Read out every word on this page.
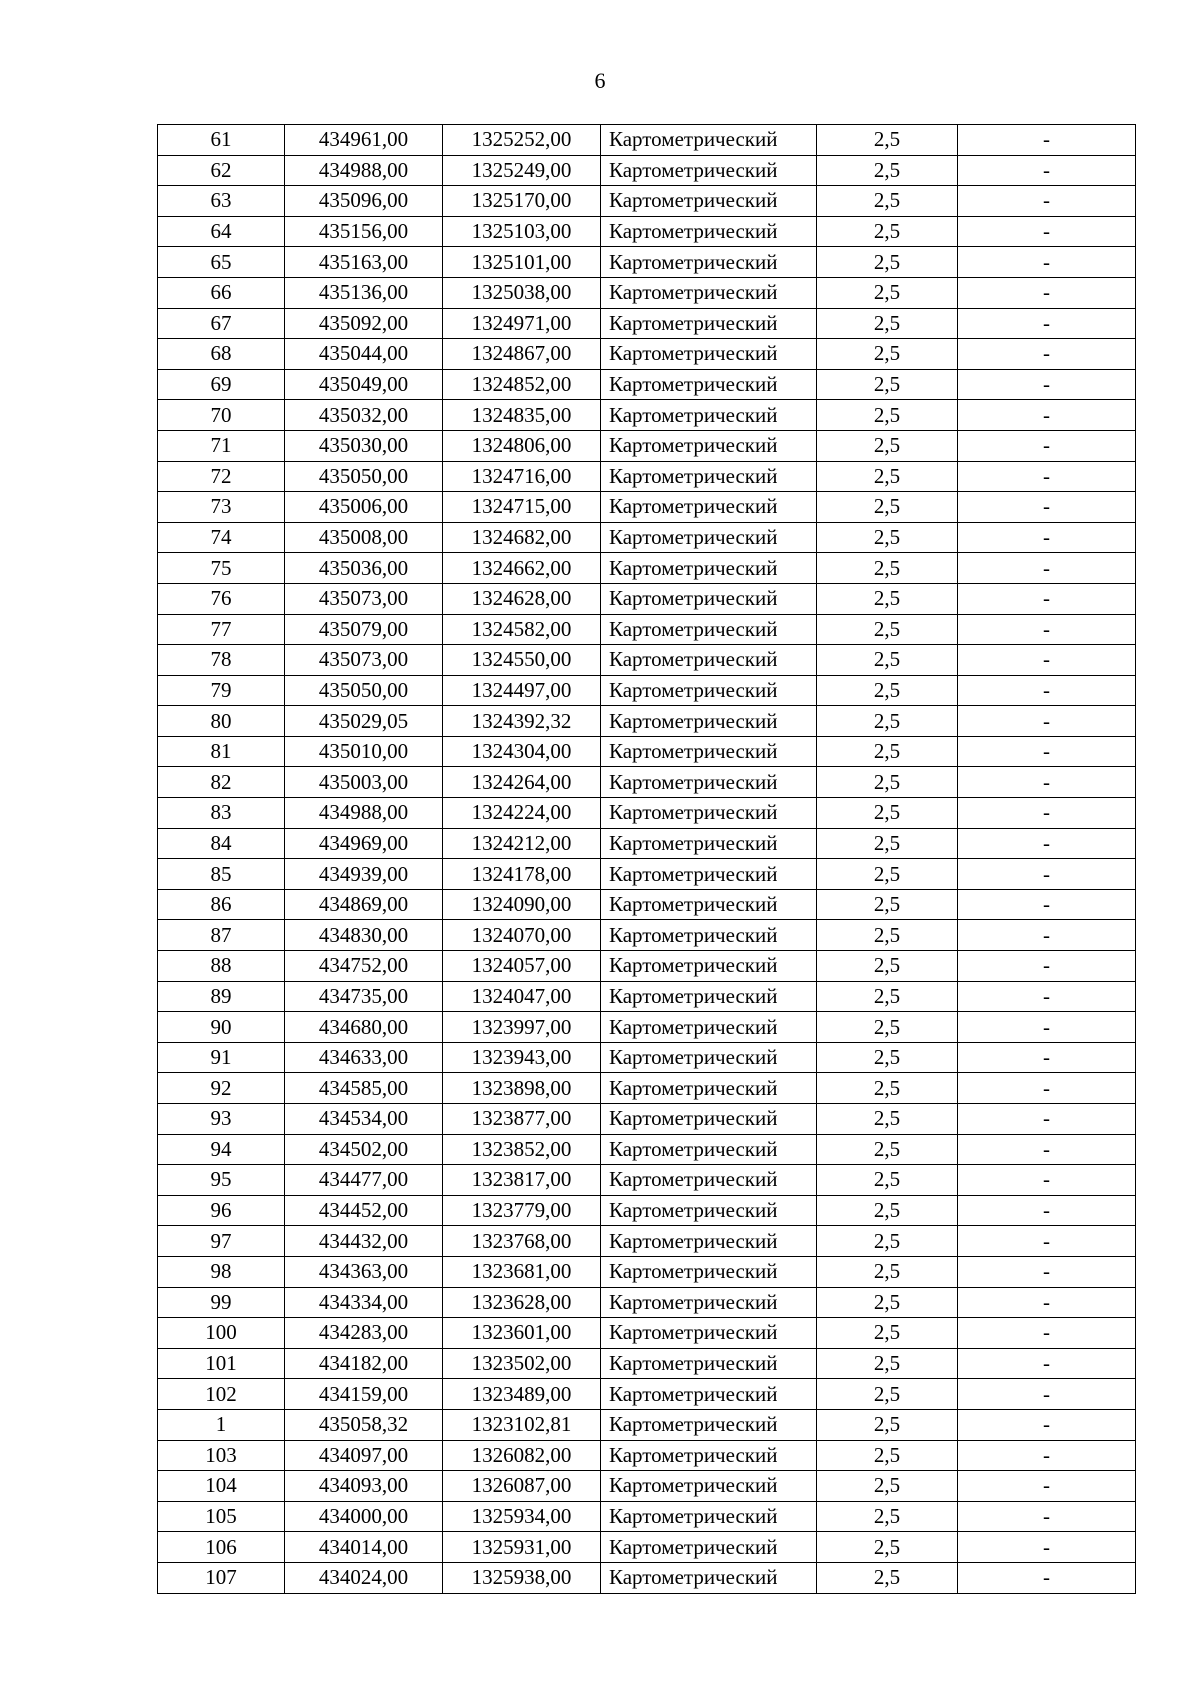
6
61	434961,00	1325252,00	Картометрический	2,5	-
62	434988,00	1325249,00	Картометрический	2,5	-
63	435096,00	1325170,00	Картометрический	2,5	-
64	435156,00	1325103,00	Картометрический	2,5	-
65	435163,00	1325101,00	Картометрический	2,5	-
66	435136,00	1325038,00	Картометрический	2,5	-
67	435092,00	1324971,00	Картометрический	2,5	-
68	435044,00	1324867,00	Картометрический	2,5	-
69	435049,00	1324852,00	Картометрический	2,5	-
70	435032,00	1324835,00	Картометрический	2,5	-
71	435030,00	1324806,00	Картометрический	2,5	-
72	435050,00	1324716,00	Картометрический	2,5	-
73	435006,00	1324715,00	Картометрический	2,5	-
74	435008,00	1324682,00	Картометрический	2,5	-
75	435036,00	1324662,00	Картометрический	2,5	-
76	435073,00	1324628,00	Картометрический	2,5	-
77	435079,00	1324582,00	Картометрический	2,5	-
78	435073,00	1324550,00	Картометрический	2,5	-
79	435050,00	1324497,00	Картометрический	2,5	-
80	435029,05	1324392,32	Картометрический	2,5	-
81	435010,00	1324304,00	Картометрический	2,5	-
82	435003,00	1324264,00	Картометрический	2,5	-
83	434988,00	1324224,00	Картометрический	2,5	-
84	434969,00	1324212,00	Картометрический	2,5	-
85	434939,00	1324178,00	Картометрический	2,5	-
86	434869,00	1324090,00	Картометрический	2,5	-
87	434830,00	1324070,00	Картометрический	2,5	-
88	434752,00	1324057,00	Картометрический	2,5	-
89	434735,00	1324047,00	Картометрический	2,5	-
90	434680,00	1323997,00	Картометрический	2,5	-
91	434633,00	1323943,00	Картометрический	2,5	-
92	434585,00	1323898,00	Картометрический	2,5	-
93	434534,00	1323877,00	Картометрический	2,5	-
94	434502,00	1323852,00	Картометрический	2,5	-
95	434477,00	1323817,00	Картометрический	2,5	-
96	434452,00	1323779,00	Картометрический	2,5	-
97	434432,00	1323768,00	Картометрический	2,5	-
98	434363,00	1323681,00	Картометрический	2,5	-
99	434334,00	1323628,00	Картометрический	2,5	-
100	434283,00	1323601,00	Картометрический	2,5	-
101	434182,00	1323502,00	Картометрический	2,5	-
102	434159,00	1323489,00	Картометрический	2,5	-
1	435058,32	1323102,81	Картометрический	2,5	-
103	434097,00	1326082,00	Картометрический	2,5	-
104	434093,00	1326087,00	Картометрический	2,5	-
105	434000,00	1325934,00	Картометрический	2,5	-
106	434014,00	1325931,00	Картометрический	2,5	-
107	434024,00	1325938,00	Картометрический	2,5	-
